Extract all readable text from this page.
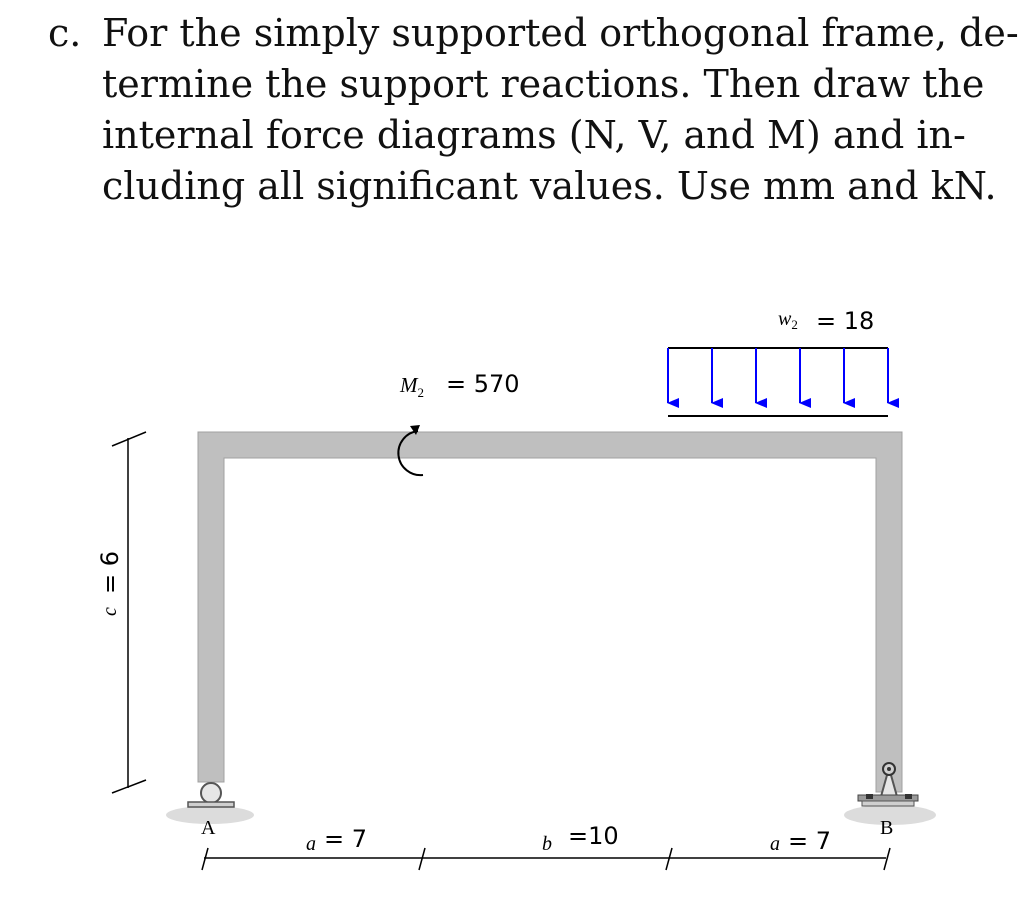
c. For the simply supported orthogonal frame, de-
termine the support reactions. Then draw the
internal force diagrams (N, V, and M) and in-
cluding all significant values. Use mm and kN.
$w_2 = 18$
$M_2 = 570$
c
= 6
A	B
a = 7	b =10	a = 7
